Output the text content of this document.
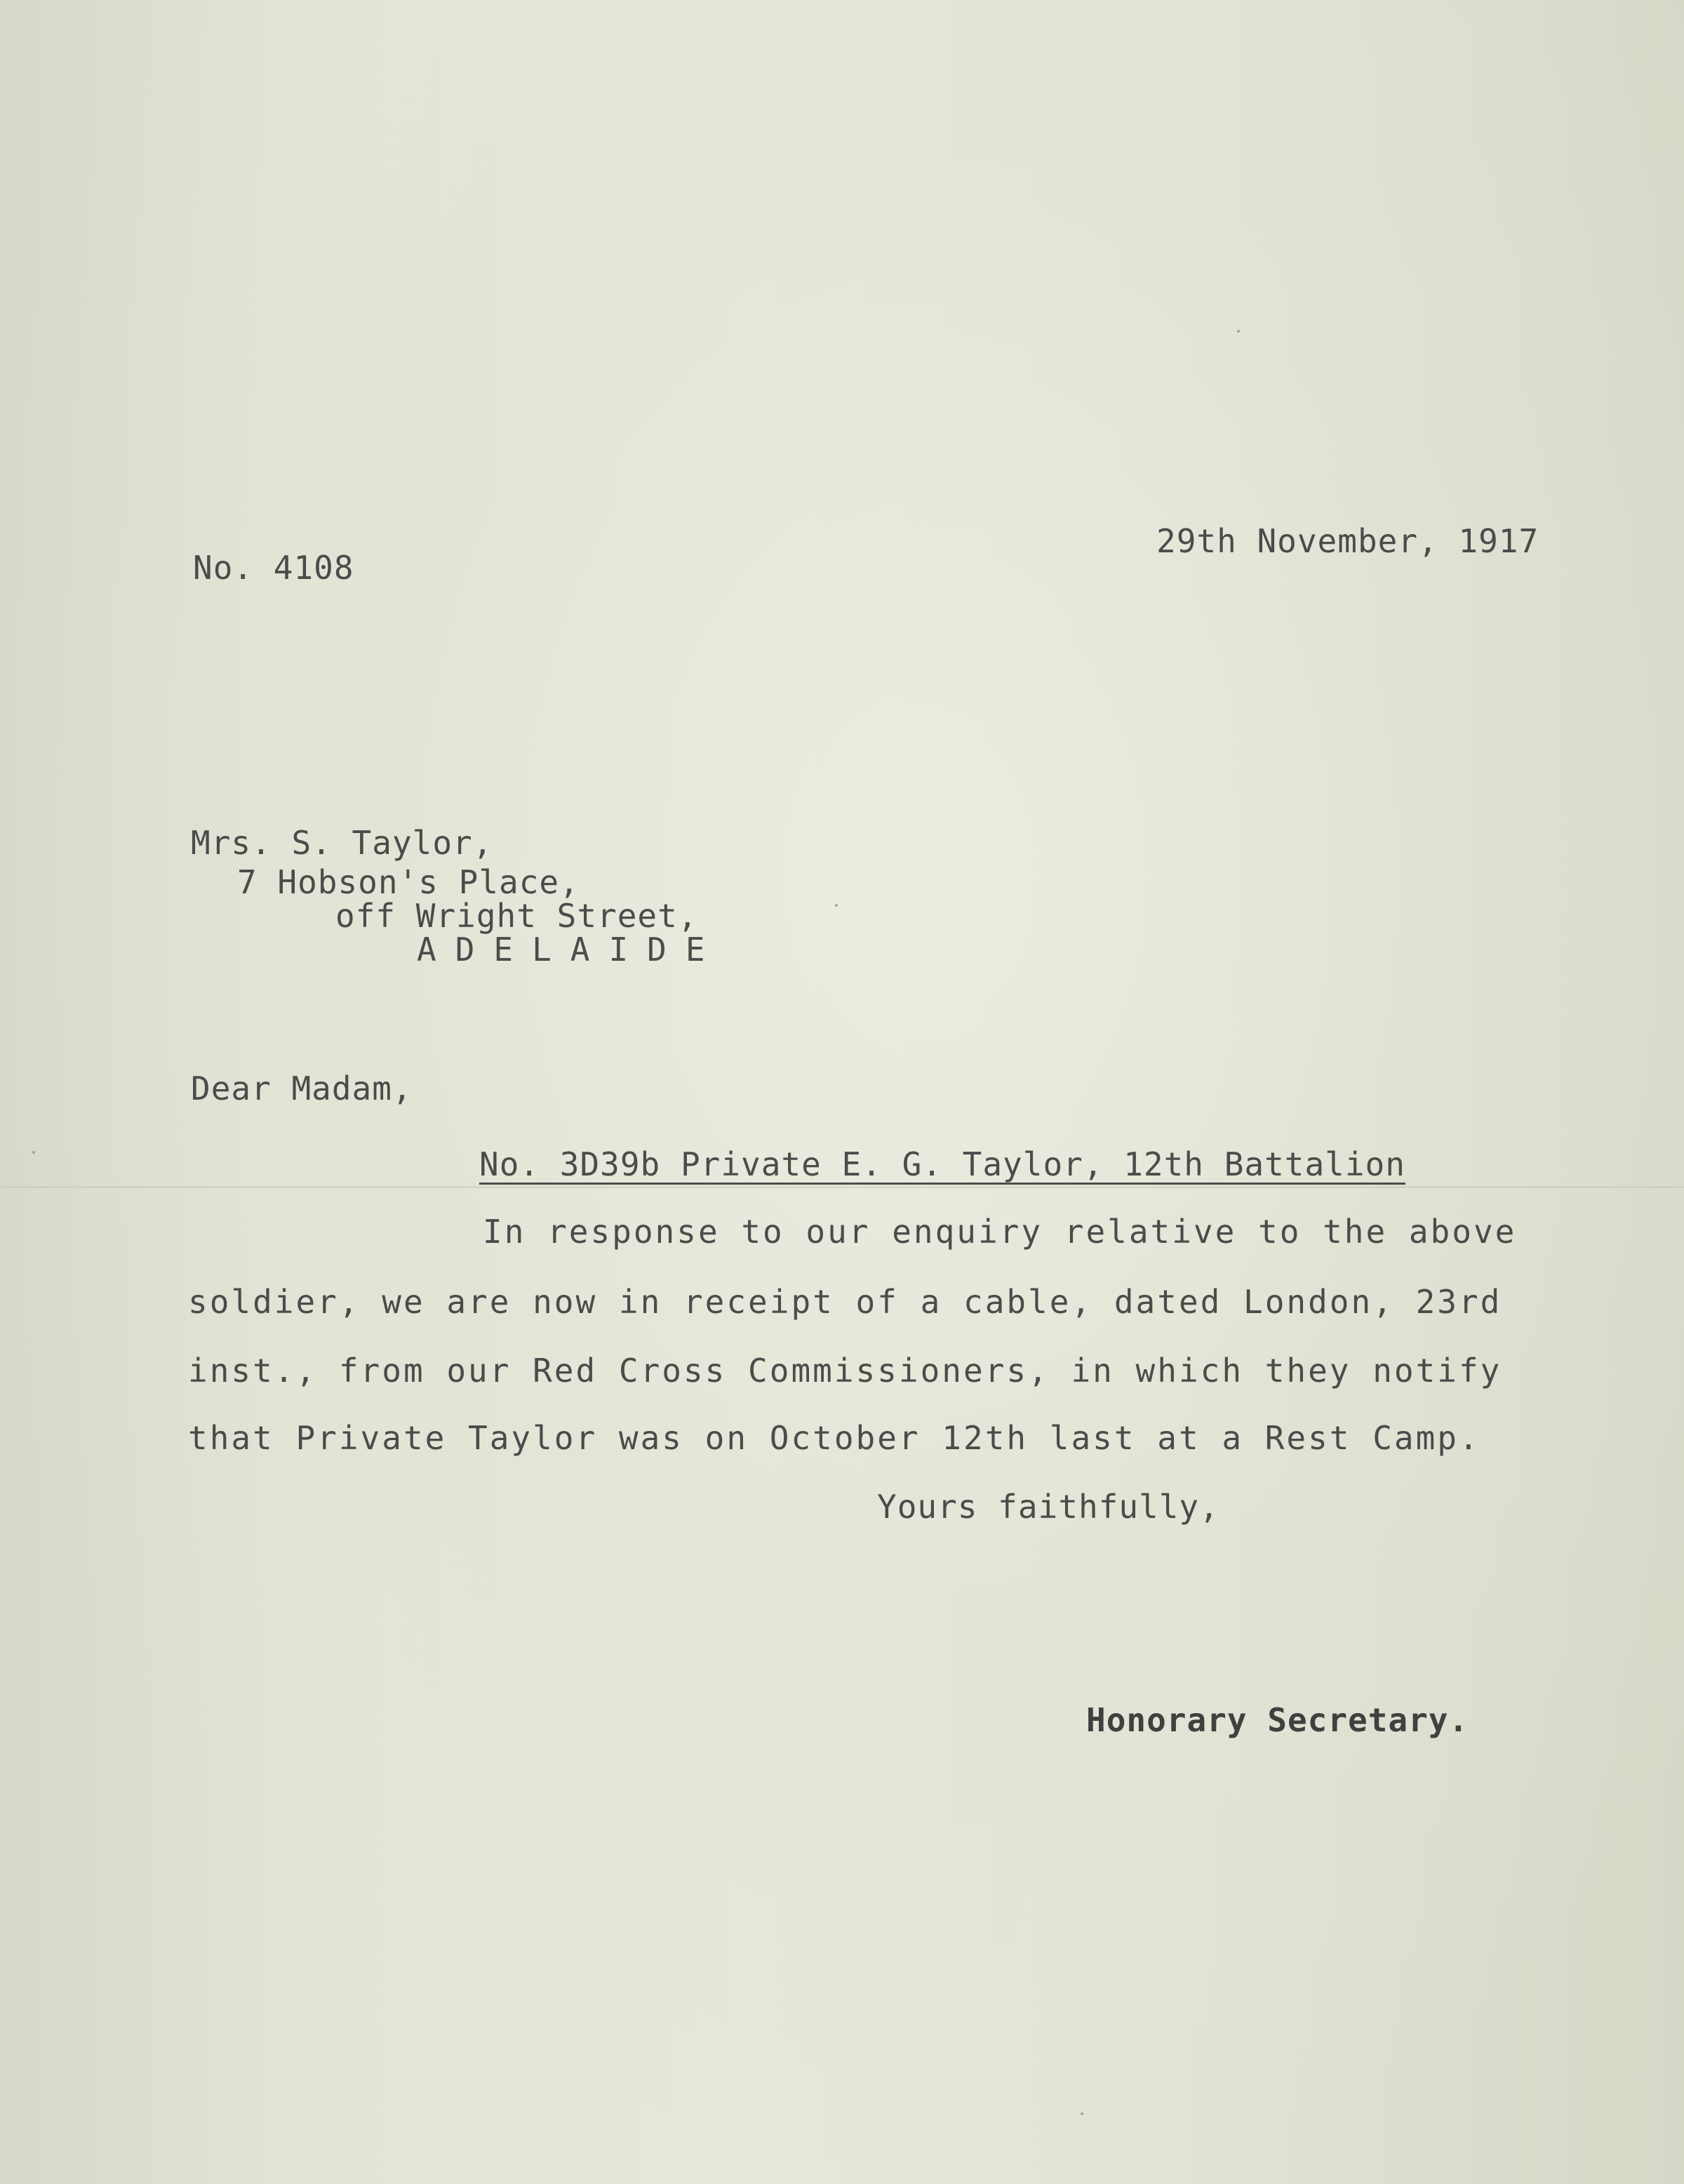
No. 4108

29th November, 1917

Mrs. S. Taylor,

7 Hobson's Place,

off Wright Street,

ADELAIDE

Dear Madam,

No. 3D39b Private E. G. Taylor, 12th Battalion

In response to our enquiry relative to the above

soldier, we are now in receipt of a cable, dated London, 23rd

inst., from our Red Cross Commissioners, in which they notify

that Private Taylor was on October 12th last at a Rest Camp.

Yours faithfully,

Honorary Secretary.
